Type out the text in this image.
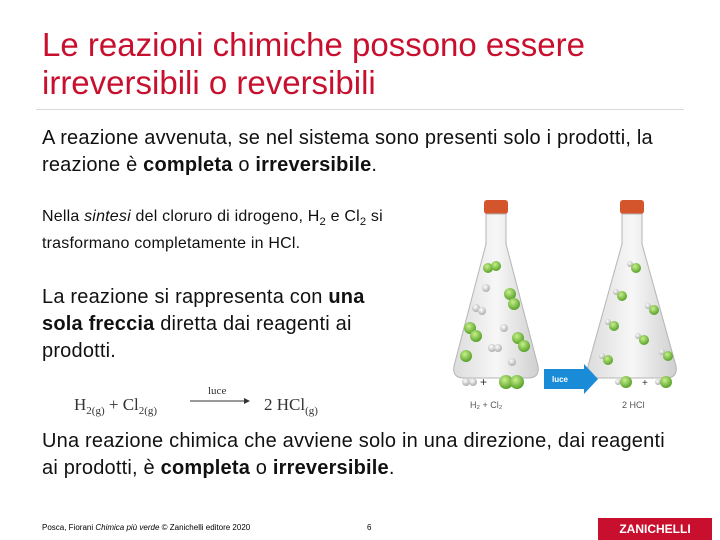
Le reazioni chimiche possono essere irreversibili o reversibili
A reazione avvenuta, se nel sistema sono presenti solo i prodotti, la reazione è completa o irreversibile.
Nella sintesi del cloruro di idrogeno, $H_2$ e $Cl_2$ si trasformano completamente in HCl.
La reazione si rappresenta con una sola freccia diretta dai reagenti ai prodotti.
$H_{2(g)} + Cl_{2(g)}$
luce
2 HCl$_{(g)}$
+	luce	+
H₂ + Cl₂	2 HCl
Una reazione chimica che avviene solo in una direzione, dai reagenti ai prodotti, è completa o irreversibile.
Posca, Fiorani Chimica più verde © Zanichelli editore 2020	6	ZANICHELLI
